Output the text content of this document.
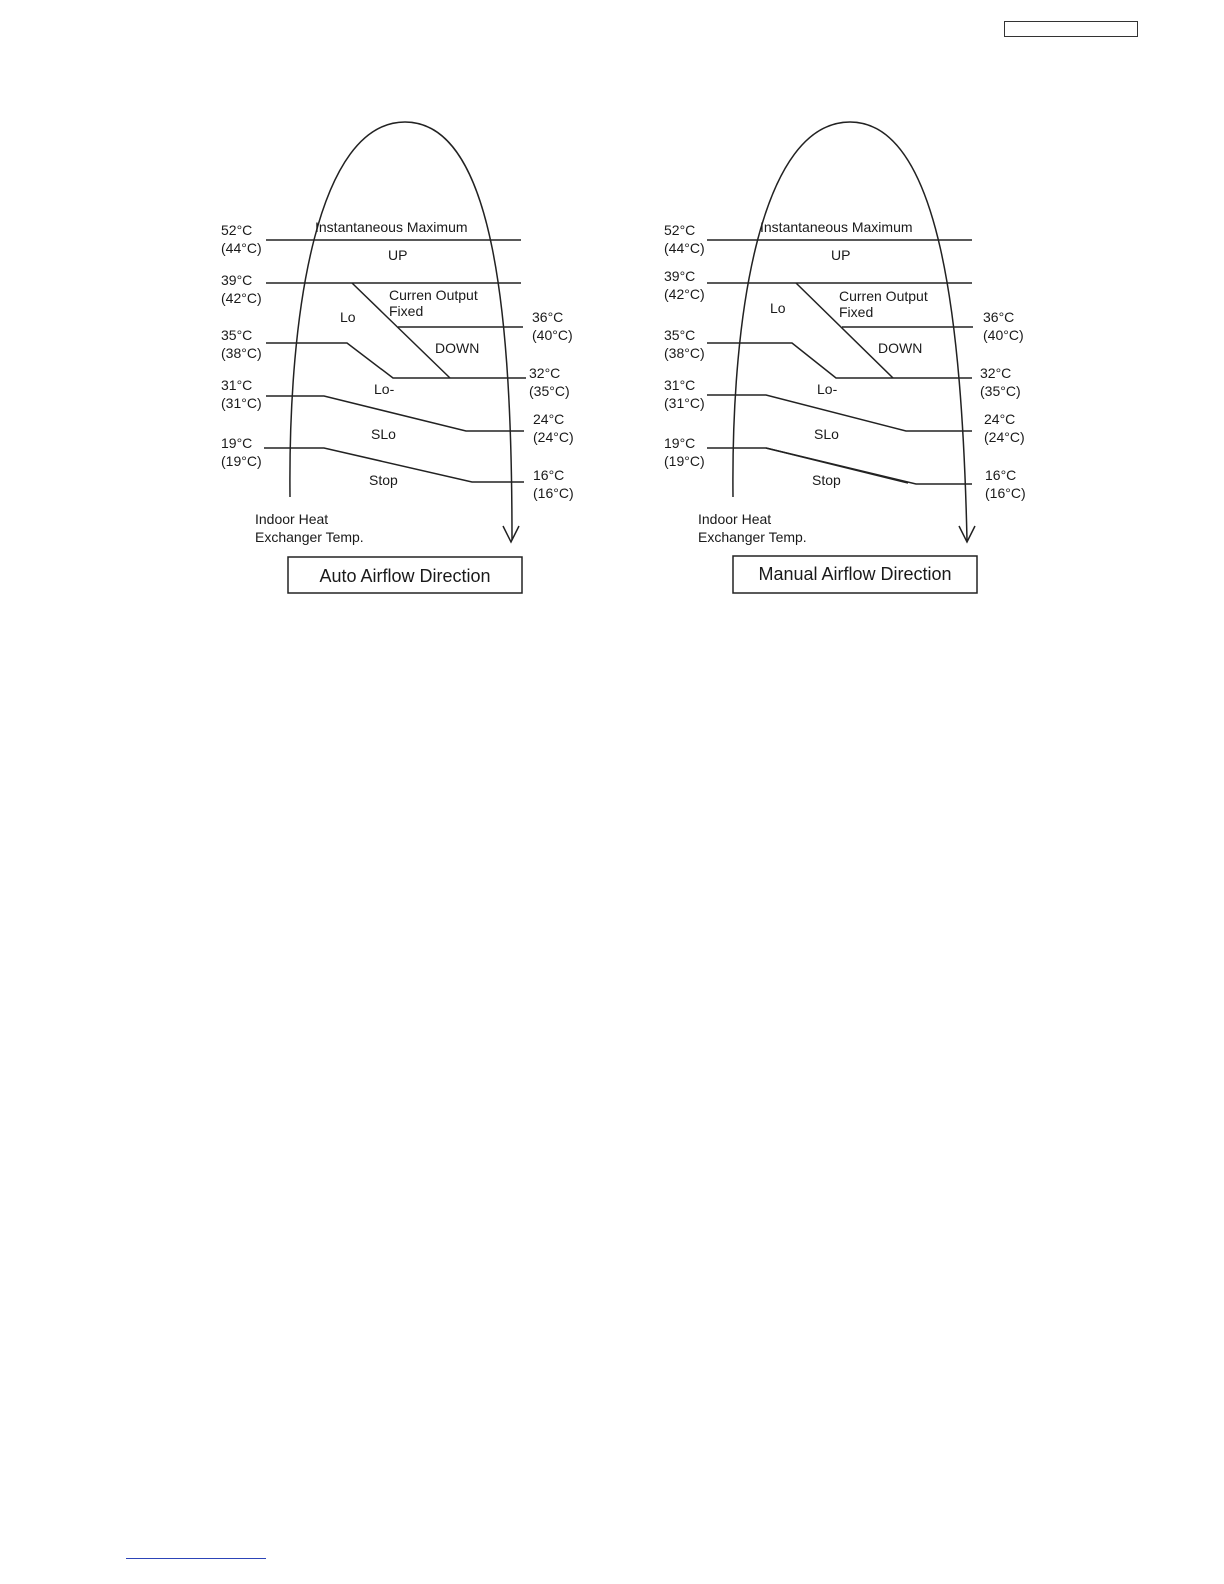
52°C
(44°C)
39°C
(42°C)
35°C
(38°C)
31°C
(31°C)
19°C
(19°C)
36°C
(40°C)
32°C
(35°C)
24°C
(24°C)
16°C
(16°C)
Instantaneous Maximum
UP
Lo
Curren Output
Fixed
DOWN
Lo-
SLo
Stop
Indoor Heat
Exchanger Temp.
Auto Airflow Direction
52°C
(44°C)
39°C
(42°C)
35°C
(38°C)
31°C
(31°C)
19°C
(19°C)
36°C
(40°C)
32°C
(35°C)
24°C
(24°C)
16°C
(16°C)
Instantaneous Maximum
UP
Lo
Curren Output
Fixed
DOWN
Lo-
SLo
Stop
Indoor Heat
Exchanger Temp.
Manual Airflow Direction
